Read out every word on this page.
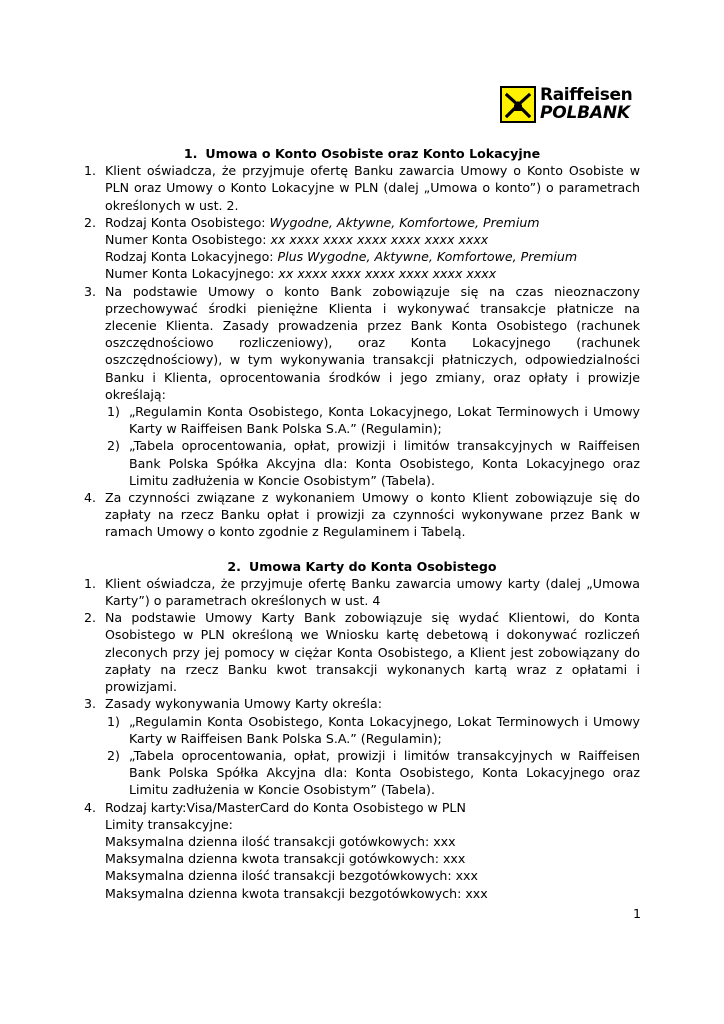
Raiffeisen
POLBANK
1. Umowa o Konto Osobiste oraz Konto Lokacyjne
1. Klient oświadcza, że przyjmuje ofertę Banku zawarcia Umowy o Konto Osobiste w PLN oraz Umowy o Konto Lokacyjne w PLN (dalej „Umowa o konto”) o parametrach określonych w ust. 2.

2. Rodzaj Konta Osobistego: Wygodne, Aktywne, Komfortowe, Premium
Numer Konta Osobistego: xx xxxx xxxx xxxx xxxx xxxx xxxx
Rodzaj Konta Lokacyjnego: Plus Wygodne, Aktywne, Komfortowe, Premium
Numer Konta Lokacyjnego: xx xxxx xxxx xxxx xxxx xxxx xxxx
3. Na podstawie Umowy o konto Bank zobowiązuje się na czas nieoznaczony przechowywać środki pieniężne Klienta i wykonywać transakcje płatnicze na zlecenie Klienta. Zasady prowadzenia przez Bank Konta Osobistego (rachunek oszczędnościowo rozliczeniowy), oraz Konta Lokacyjnego (rachunek oszczędnościowy), w tym wykonywania transakcji płatniczych, odpowiedzialności Banku i Klienta, oprocentowania środków i jego zmiany, oraz opłaty i prowizje określają:

1) „Regulamin Konta Osobistego, Konta Lokacyjnego, Lokat Terminowych i Umowy Karty w Raiffeisen Bank Polska S.A.” (Regulamin);

2) „Tabela oprocentowania, opłat, prowizji i limitów transakcyjnych w Raiffeisen Bank Polska Spółka Akcyjna dla: Konta Osobistego, Konta Lokacyjnego oraz Limitu zadłużenia w Koncie Osobistym” (Tabela).

4. Za czynności związane z wykonaniem Umowy o konto Klient zobowiązuje się do zapłaty na rzecz Banku opłat i prowizji za czynności wykonywane przez Bank w ramach Umowy o konto zgodnie z Regulaminem i Tabelą.

2. Umowa Karty do Konta Osobistego
1. Klient oświadcza, że przyjmuje ofertę Banku zawarcia umowy karty (dalej „Umowa Karty”) o parametrach określonych w ust. 4

2. Na podstawie Umowy Karty Bank zobowiązuje się wydać Klientowi, do Konta Osobistego w PLN określoną we Wniosku kartę debetową i dokonywać rozliczeń zleconych przy jej pomocy w ciężar Konta Osobistego, a Klient jest zobowiązany do zapłaty na rzecz Banku kwot transakcji wykonanych kartą wraz z opłatami i prowizjami.

3. Zasady wykonywania Umowy Karty określa:

1) „Regulamin Konta Osobistego, Konta Lokacyjnego, Lokat Terminowych i Umowy Karty w Raiffeisen Bank Polska S.A.” (Regulamin);

2) „Tabela oprocentowania, opłat, prowizji i limitów transakcyjnych w Raiffeisen Bank Polska Spółka Akcyjna dla: Konta Osobistego, Konta Lokacyjnego oraz Limitu zadłużenia w Koncie Osobistym” (Tabela).

4. Rodzaj karty:Visa/MasterCard do Konta Osobistego w PLN
Limity transakcyjne:
Maksymalna dzienna ilość transakcji gotówkowych: xxx
Maksymalna dzienna kwota transakcji gotówkowych: xxx
Maksymalna dzienna ilość transakcji bezgotówkowych: xxx
Maksymalna dzienna kwota transakcji bezgotówkowych: xxx
1
